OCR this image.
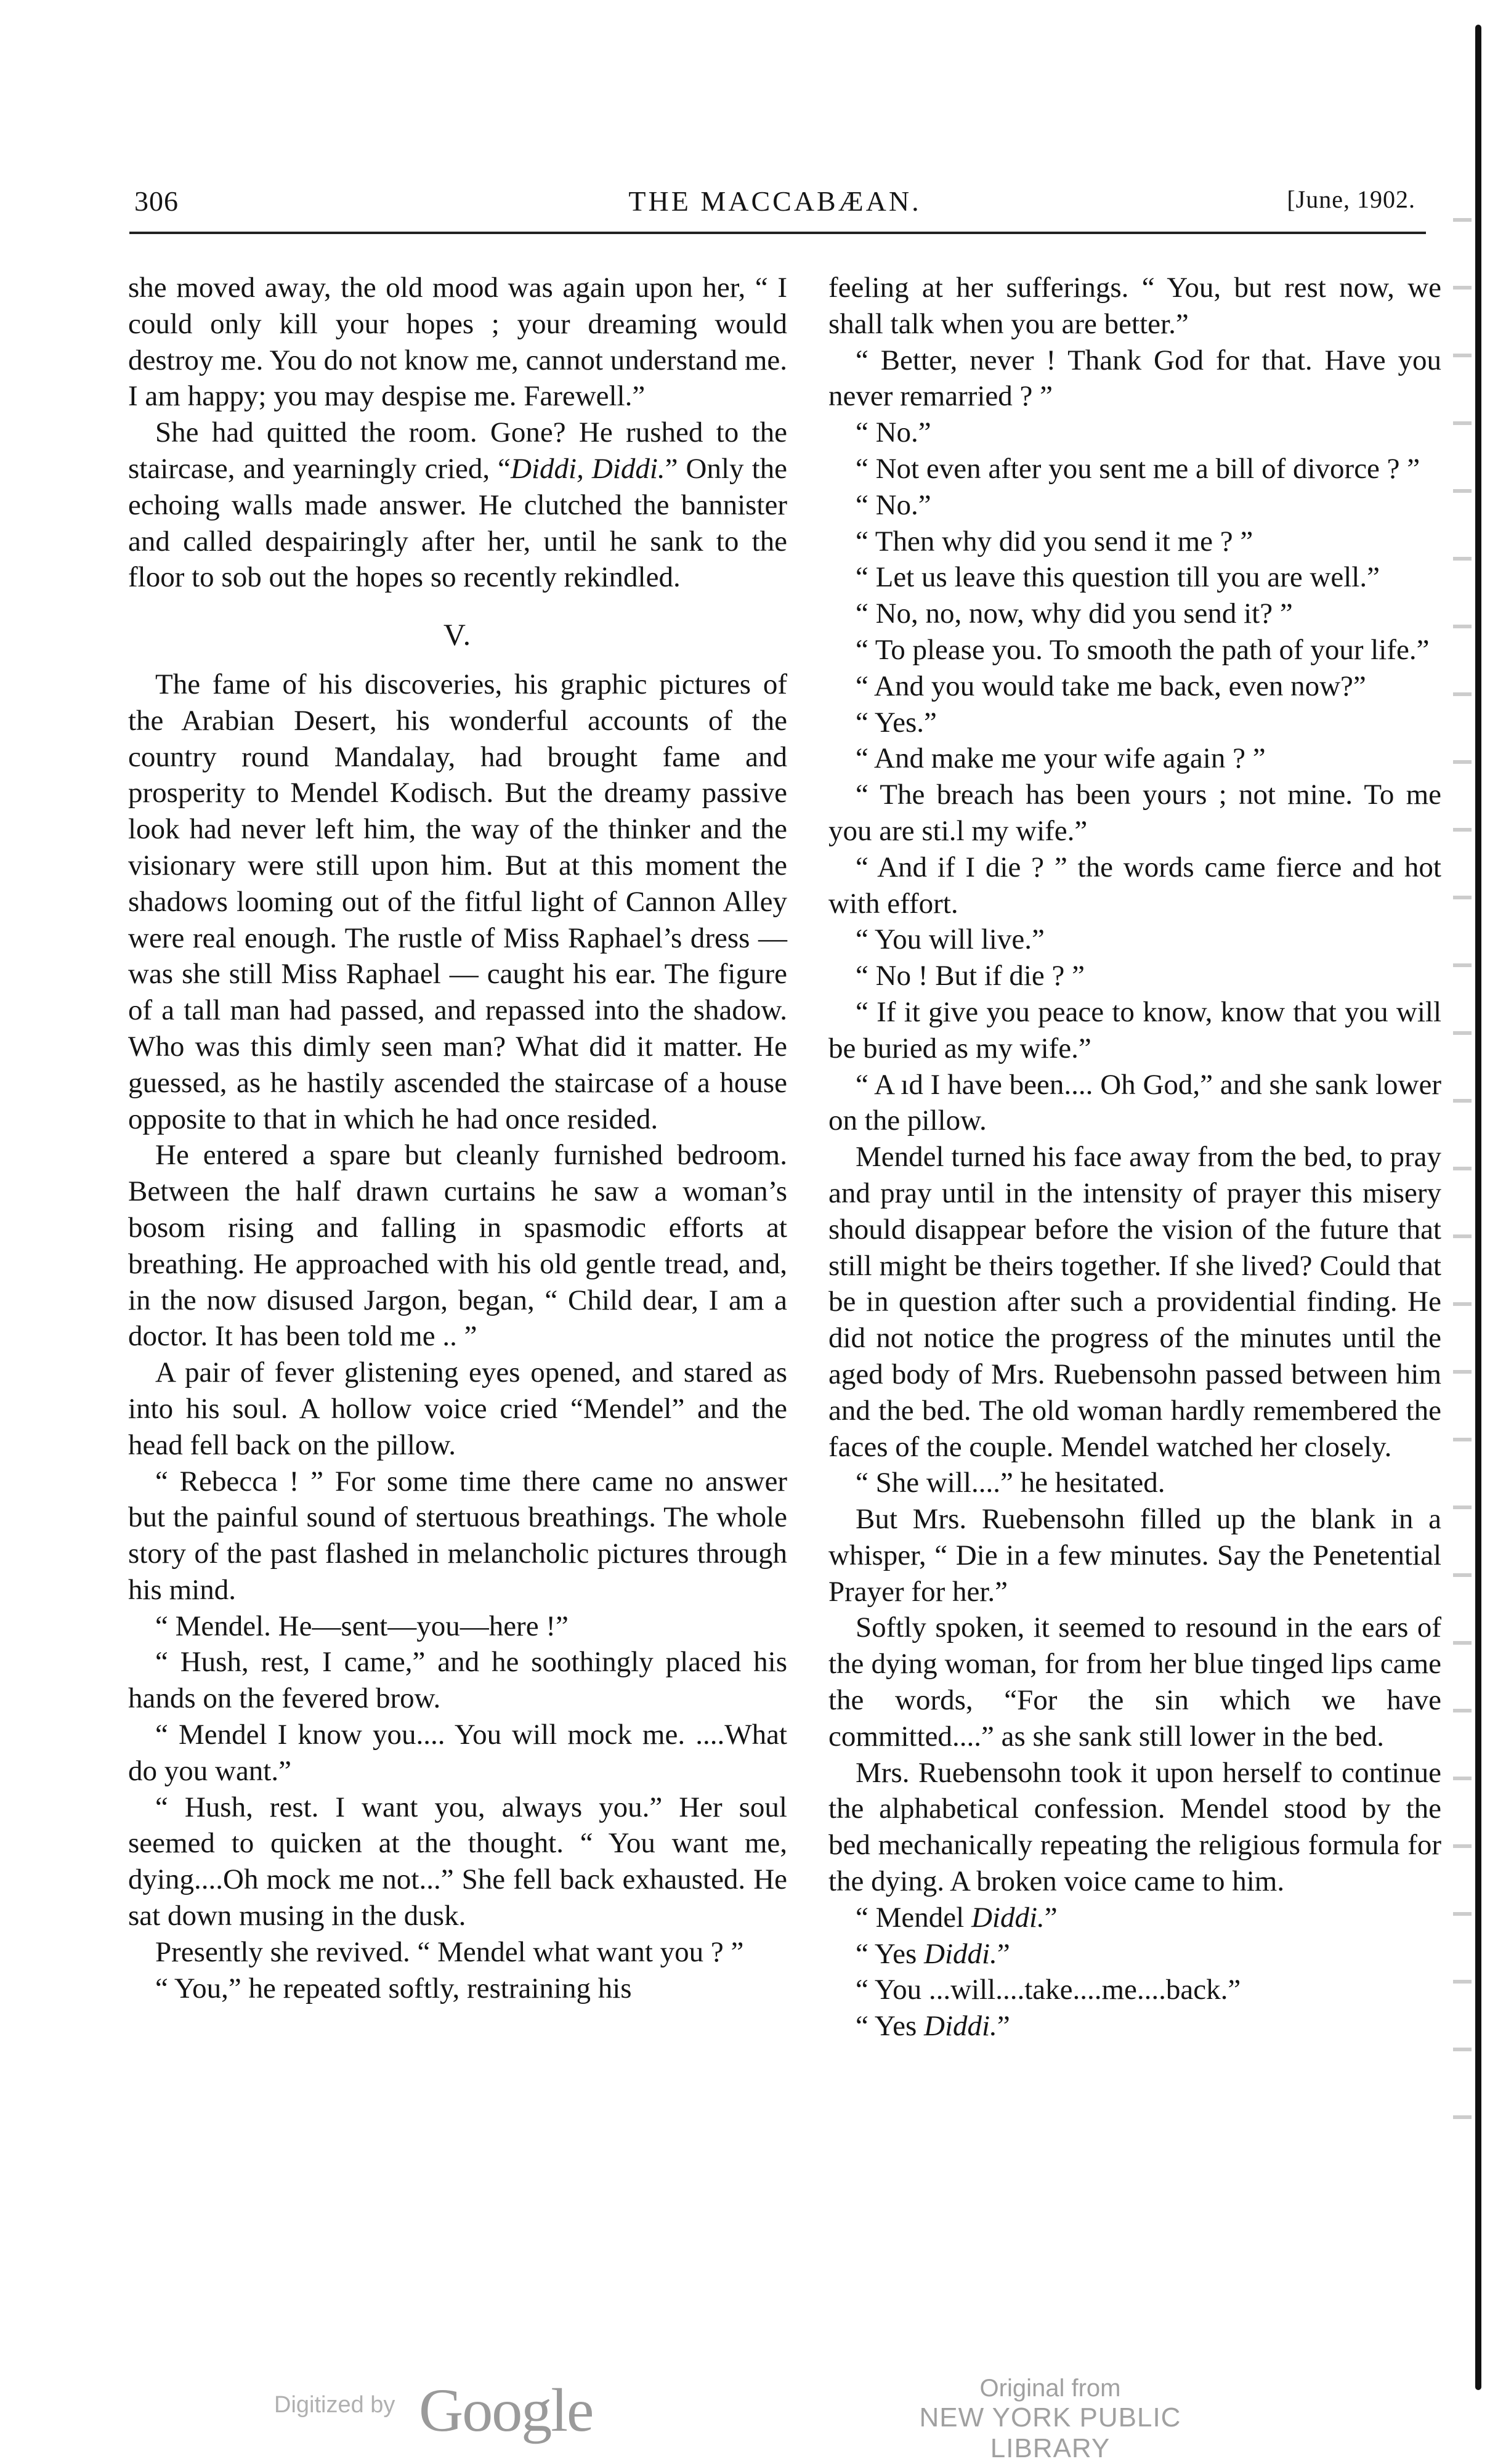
306	THE MACCABÆAN.	[June, 1902.

she moved away, the old mood was again upon her, “ I could only kill your hopes ; your dreaming would destroy me. You do not know me, cannot understand me. I am happy; you may despise me. Farewell.”

She had quitted the room. Gone? He rushed to the staircase, and yearningly cried, “Diddi, Diddi.” Only the echoing walls made answer. He clutched the bannister and called despairingly after her, until he sank to the floor to sob out the hopes so recently rekindled.

V.

The fame of his discoveries, his graphic pictures of the Arabian Desert, his wonderful accounts of the country round Mandalay, had brought fame and prosperity to Mendel Kodisch. But the dreamy passive look had never left him, the way of the thinker and the visionary were still upon him. But at this moment the shadows looming out of the fitful light of Cannon Alley were real enough. The rustle of Miss Raphael’s dress — was she still Miss Raphael — caught his ear. The figure of a tall man had passed, and repassed into the shadow. Who was this dimly seen man? What did it matter. He guessed, as he hastily ascended the staircase of a house opposite to that in which he had once resided.

He entered a spare but cleanly furnished bedroom. Between the half drawn curtains he saw a woman’s bosom rising and falling in spasmodic efforts at breathing. He approached with his old gentle tread, and, in the now disused Jargon, began, “ Child dear, I am a doctor. It has been told me .. ”

A pair of fever glistening eyes opened, and stared as into his soul. A hollow voice cried “Mendel” and the head fell back on the pillow.

“ Rebecca ! ” For some time there came no answer but the painful sound of stertuous breathings. The whole story of the past flashed in melancholic pictures through his mind.

“ Mendel. He—sent—you—here !”

“ Hush, rest, I came,” and he soothingly placed his hands on the fevered brow.

“ Mendel I know you.... You will mock me. ....What do you want.”

“ Hush, rest. I want you, always you.” Her soul seemed to quicken at the thought. “ You want me, dying....Oh mock me not...” She fell back exhausted. He sat down musing in the dusk.

Presently she revived. “ Mendel what want you ? ”

“ You,” he repeated softly, restraining his

feeling at her sufferings. “ You, but rest now, we shall talk when you are better.”

“ Better, never ! Thank God for that. Have you never remarried ? ”

“ No.”

“ Not even after you sent me a bill of divorce ? ”

“ No.”

“ Then why did you send it me ? ”

“ Let us leave this question till you are well.”

“ No, no, now, why did you send it? ”

“ To please you. To smooth the path of your life.”

“ And you would take me back, even now?”

“ Yes.”

“ And make me your wife again ? ”

“ The breach has been yours ; not mine. To me you are sti.l my wife.”

“ And if I die ? ” the words came fierce and hot with effort.

“ You will live.”

“ No ! But if die ? ”

“ If it give you peace to know, know that you will be buried as my wife.”

“ A ıd I have been.... Oh God,” and she sank lower on the pillow.

Mendel turned his face away from the bed, to pray and pray until in the intensity of prayer this misery should disappear before the vision of the future that still might be theirs together. If she lived? Could that be in question after such a providential finding. He did not notice the progress of the minutes until the aged body of Mrs. Ruebensohn passed between him and the bed. The old woman hardly remembered the faces of the couple. Mendel watched her closely.

“ She will....” he hesitated.

But Mrs. Ruebensohn filled up the blank in a whisper, “ Die in a few minutes. Say the Penetential Prayer for her.”

Softly spoken, it seemed to resound in the ears of the dying woman, for from her blue tinged lips came the words, “For the sin which we have committed....” as she sank still lower in the bed.

Mrs. Ruebensohn took it upon herself to continue the alphabetical confession. Mendel stood by the bed mechanically repeating the religious formula for the dying. A broken voice came to him.

“ Mendel Diddi.”

“ Yes Diddi.”

“ You ...will....take....me....back.”

“ Yes Diddi.”

Digitized by Google	Original from
NEW YORK PUBLIC LIBRARY
